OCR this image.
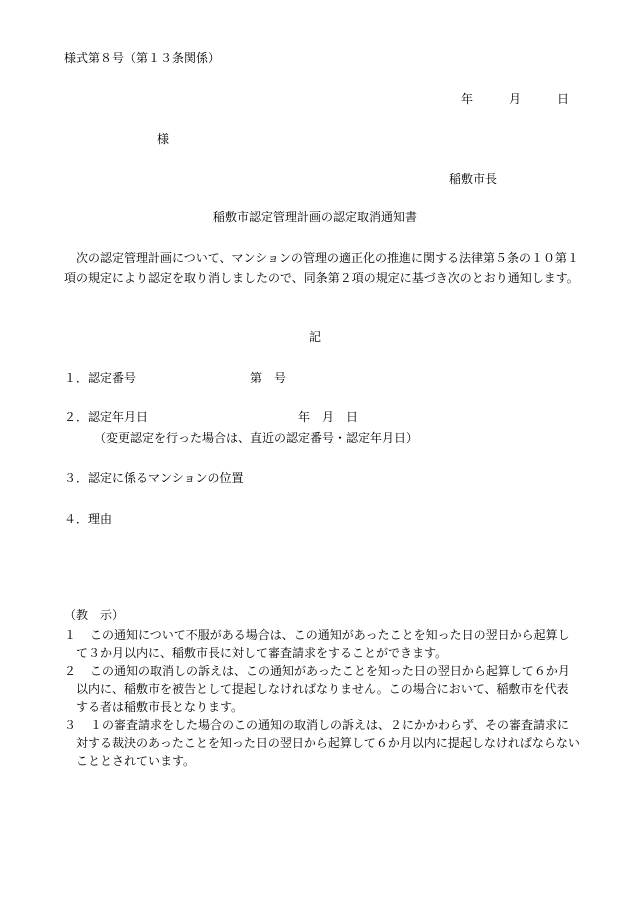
様式第８号（第１３条関係）
年	月	日
様
稲敷市長
稲敷市認定管理計画の認定取消通知書
次の認定管理計画について、マンションの管理の適正化の推進に関する法律第５条の１０第１項の規定により認定を取り消しましたので、同条第２項の規定に基づき次のとおり通知します。
記
１．認定番号	第　号
２．認定年月日	年　月　日
（変更認定を行った場合は、直近の認定番号・認定年月日）
３．認定に係るマンションの位置
４．理由
（教　示）
１	この通知について不服がある場合は、この通知があったことを知った日の翌日から起算して３か月以内に、稲敷市長に対して審査請求をすることができます。
２	この通知の取消しの訴えは、この通知があったことを知った日の翌日から起算して６か月以内に、稲敷市を被告として提起しなければなりません。この場合において、稲敷市を代表する者は稲敷市長となります。
３	１の審査請求をした場合のこの通知の取消しの訴えは、２にかかわらず、その審査請求に対する裁決のあったことを知った日の翌日から起算して６か月以内に提起しなければならないこととされています。
